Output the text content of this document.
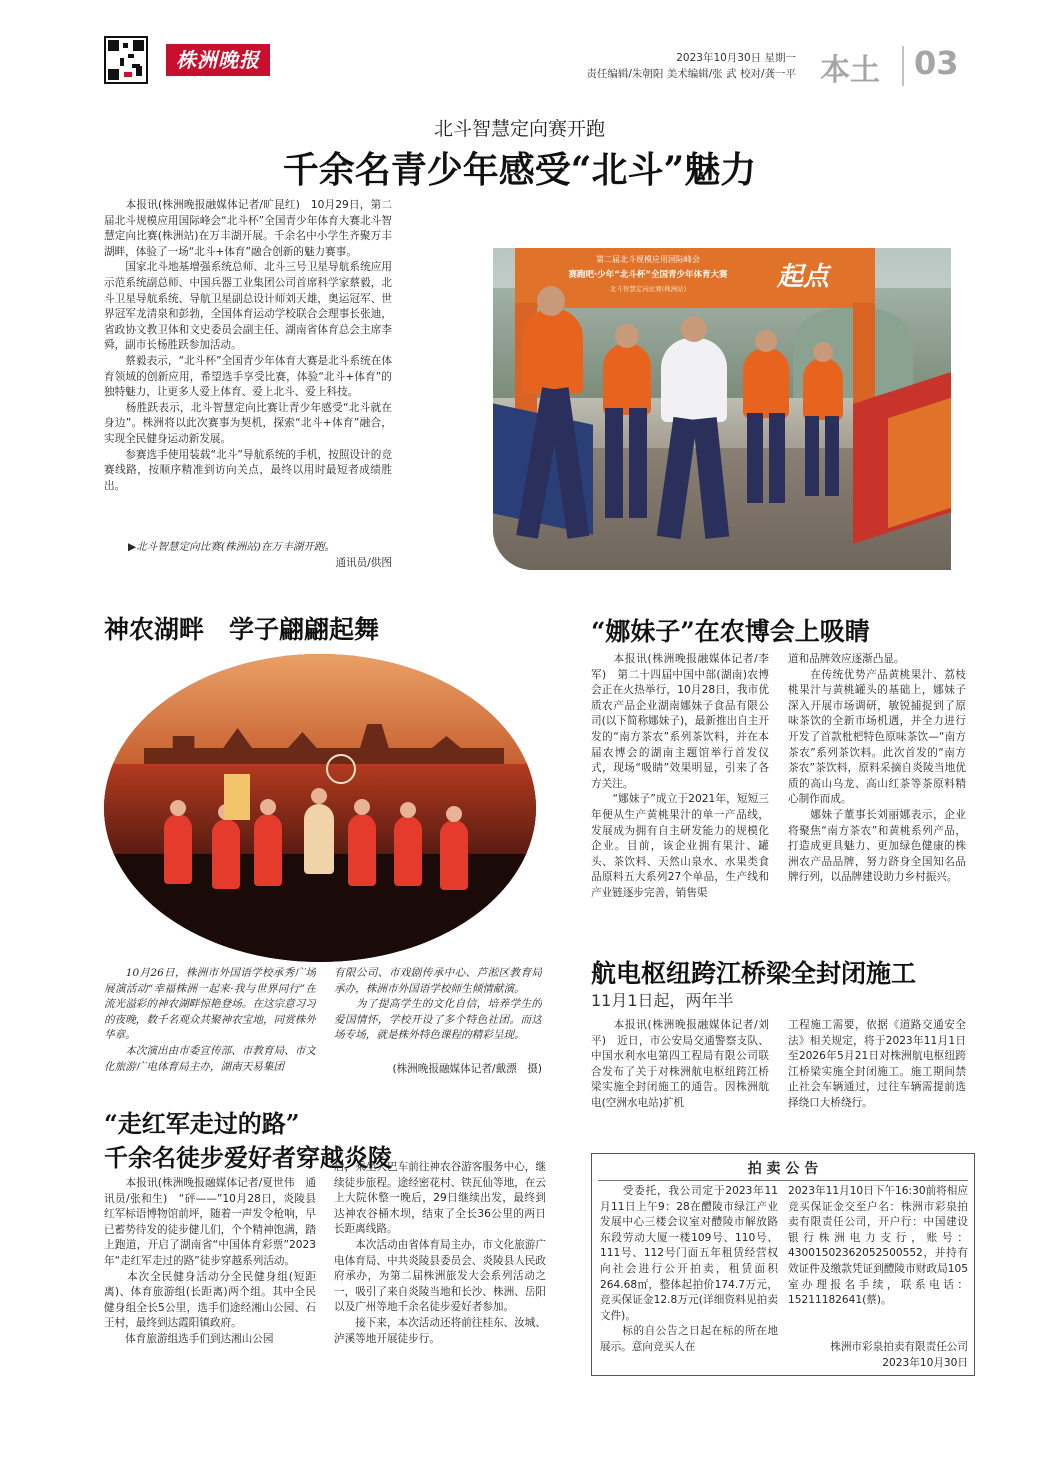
株洲晚报	2023年10月30日 星期一
责任编辑/朱朝阳 美术编辑/张 武 校对/龚一平 本土 03
北斗智慧定向赛开跑
千余名青少年感受“北斗”魅力
　　本报讯(株洲晚报融媒体记者/旷昆红)　10月29日，第二届北斗规模应用国际峰会“北斗杯”全国青少年体育大赛北斗智慧定向比赛(株洲站)在万丰湖开展。千余名中小学生齐聚万丰湖畔，体验了一场“北斗+体育”融合创新的魅力赛事。
　　国家北斗地基增强系统总师、北斗三号卫星导航系统应用示范系统副总师、中国兵器工业集团公司首席科学家蔡毅，北斗卫星导航系统、导航卫星副总设计师刘天雄，奥运冠军、世界冠军龙清泉和彭勃，全国体育运动学校联合会理事长张迪，省政协文教卫体和文史委员会副主任、湖南省体育总会主席李舜，副市长杨胜跃参加活动。
　　蔡毅表示，“北斗杯”全国青少年体育大赛是北斗系统在体育领域的创新应用，希望选手享受比赛，体验“北斗+体育”的独特魅力，让更多人爱上体育、爱上北斗、爱上科技。
　　杨胜跃表示，北斗智慧定向比赛让青少年感受“北斗就在身边”。株洲将以此次赛事为契机，探索“北斗+体育”融合，实现全民健身运动新发展。
　　参赛选手使用装载“北斗”导航系统的手机，按照设计的竞赛线路，按顺序精准到访向关点，最终以用时最短者成绩胜出。
▶北斗智慧定向比赛(株洲站)在万丰湖开跑。
通讯员/供图
第二届北斗规模应用国际峰会
赛跑吧·少年“北斗杯”全国青少年体育大赛
北斗智慧定向比赛(株洲站)	起点
神农湖畔　学子翩翩起舞
　　10月26日，株洲市外国语学校承秀广场展演活动“幸福株洲一起来·我与世界同行”在流光溢彩的神农湖畔惊艳登场。在这宗意习习的夜晚，数千名观众共聚神农宝地，同赏株外华章。
　　本次演出由市委宣传部、市教育局、市文化旅游广电体育局主办，湖南天易集团
有限公司、市戏剧传承中心、芦淞区教育局承办，株洲市外国语学校师生倾情献演。
　　为了提高学生的文化自信，培养学生的爱国情怀，学校开设了多个特色社团。而这场专场，就是株外特色课程的精彩呈现。
(株洲晚报融媒体记者/戴漂　摄)
“娜妹子”在农博会上吸睛
　　本报讯(株洲晚报融媒体记者/李军)　第二十四届中国中部(湖南)农博会正在火热举行，10月28日，我市优质农产品企业湖南娜妹子食品有限公司(以下简称娜妹子)，最新推出自主开发的“南方茶农”系列茶饮料，并在本届农博会的湖南主题馆举行首发仪式，现场“吸睛”效果明显，引来了各方关注。
　　“娜妹子”成立于2021年，短短三年便从生产黄桃果汁的单一产品线，发展成为拥有自主研发能力的规模化企业。目前，该企业拥有果汁、罐头、茶饮料、天然山泉水、水果类食品原料五大系列27个单品，生产线和产业链逐步完善，销售渠
道和品牌效应逐渐凸显。
　　在传统优势产品黄桃果汁、荔枝桃果汁与黄桃罐头的基础上，娜妹子深入开展市场调研，敏锐捕捉到了原味茶饮的全新市场机遇，并全力进行开发了首款枇杷特色原味茶饮—“南方茶农”系列茶饮料。此次首发的“南方茶农”茶饮料，原料采摘自炎陵当地优质的高山乌龙、高山红茶等茶原料精心制作而成。
　　娜妹子董事长刘丽娜表示，企业将聚焦“南方茶农”和黄桃系列产品，打造成更具魅力、更加绿色健康的株洲农产品品牌，努力跻身全国知名品牌行列，以品牌建设助力乡村振兴。
航电枢纽跨江桥梁全封闭施工
11月1日起，两年半
　　本报讯(株洲晚报融媒体记者/刘平)　近日，市公安局交通警察支队、中国水利水电第四工程局有限公司联合发布了关于对株洲航电枢纽跨江桥梁实施全封闭施工的通告。因株洲航电(空洲水电站)扩机
工程施工需要，依据《道路交通安全法》相关规定，将于2023年11月1日至2026年5月21日对株洲航电枢纽跨江桥梁实施全封闭施工。施工期间禁止社会车辆通过，过往车辆需提前选择绕口大桥绕行。
“走红军走过的路”
千余名徒步爱好者穿越炎陵
　　本报讯(株洲晚报融媒体记者/夏世伟　通讯员/张和生)　“砰——”10月28日，炎陵县红军标语博物馆前坪，随着一声发令枪响，早已蓄势待发的徒步健儿们，个个精神饱满，踏上跑道，开启了湖南省“中国体育彩票”2023年“走红军走过的路”徒步穿越系列活动。
　　本次全民健身活动分全民健身组(短距离)、体育旅游组(长距离)两个组。其中全民健身组全长5公里，选手们途经湘山公园、石王村，最终到达霞阳镇政府。
　　体育旅游组选手们到达湘山公园
后，乘坐大巴车前往神农谷游客服务中心，继续徒步旅程。途经密花村、铁瓦仙等地，在云上大院休整一晚后，29日继续出发，最终到达神农谷桶木坝，结束了全长36公里的两日长距离线路。
　　本次活动由省体育局主办，市文化旅游广电体育局、中共炎陵县委员会、炎陵县人民政府承办，为第二届株洲旅发大会系列活动之一，吸引了来自炎陵当地和长沙、株洲、岳阳以及广州等地千余名徒步爱好者参加。
　　接下来，本次活动还将前往桂东、汝城、泸溪等地开展徒步行。
拍 卖 公 告
　　受委托，我公司定于2023年11月11日上午9：28在醴陵市绿江产业发展中心三楼会议室对醴陵市解放路东段劳动大厦一楼109号、110号、111号、112号门面五年租赁经营权向社会进行公开拍卖，租赁面积264.68㎡，整体起拍价174.7万元，竞买保证金12.8万元(详细资料见拍卖文件)。
　　标的自公告之日起在标的所在地展示。意向竞买人在
2023年11月10日下午16:30前将相应竞买保证金交至户名：株洲市彩泉拍卖有限责任公司，开户行：中国建设银行株洲电力支行，账号：43001502362052500552，并持有效证件及缴款凭证到醴陵市财政局105室办理报名手续，联系电话：15211182641(蔡)。
株洲市彩泉拍卖有限责任公司
2023年10月30日
